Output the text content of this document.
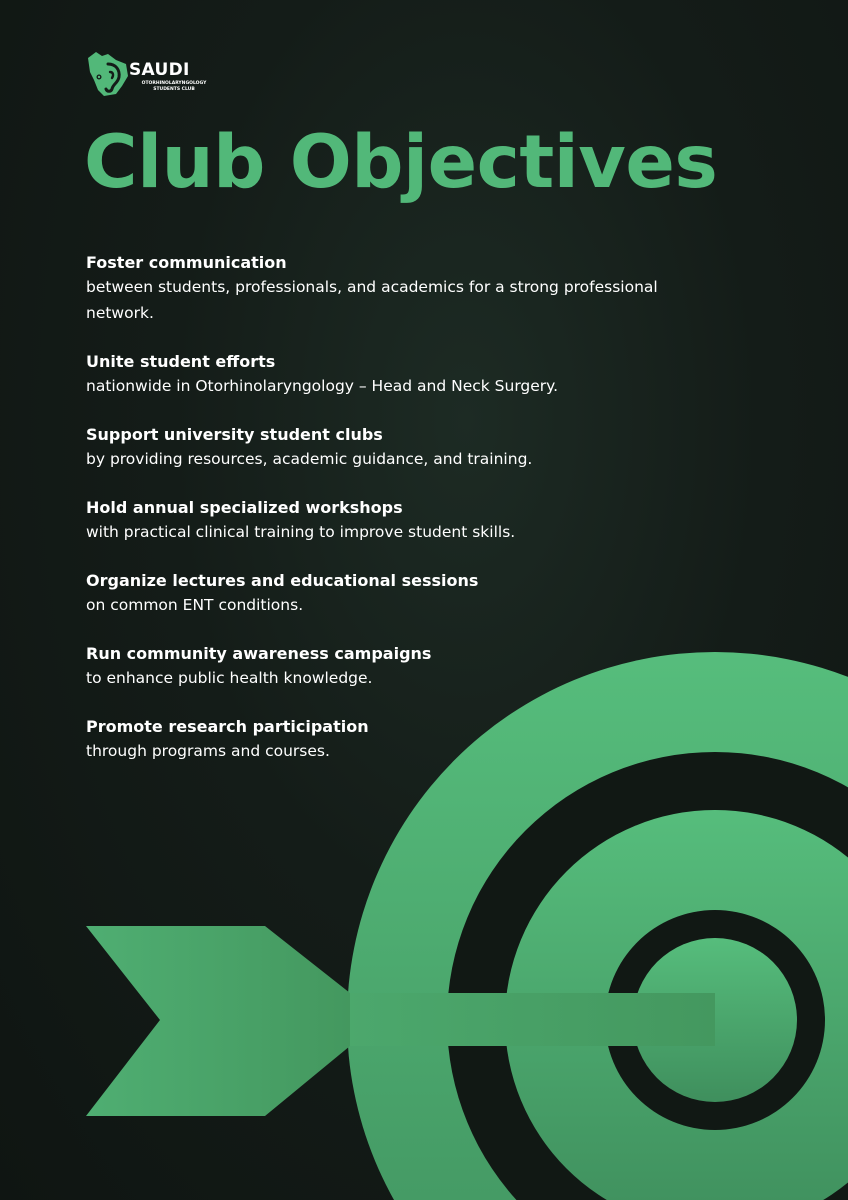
SAUDI
OTORHINOLARYNGOLOGY
STUDENTS CLUB
Club Objectives

Foster communication

between students, professionals, and academics for a strong professional network.

Unite student efforts

nationwide in Otorhinolaryngology – Head and Neck Surgery.

Support university student clubs

by providing resources, academic guidance, and training.

Hold annual specialized workshops

with practical clinical training to improve student skills.

Organize lectures and educational sessions

on common ENT conditions.

Run community awareness campaigns

to enhance public health knowledge.

Promote research participation

through programs and courses.
